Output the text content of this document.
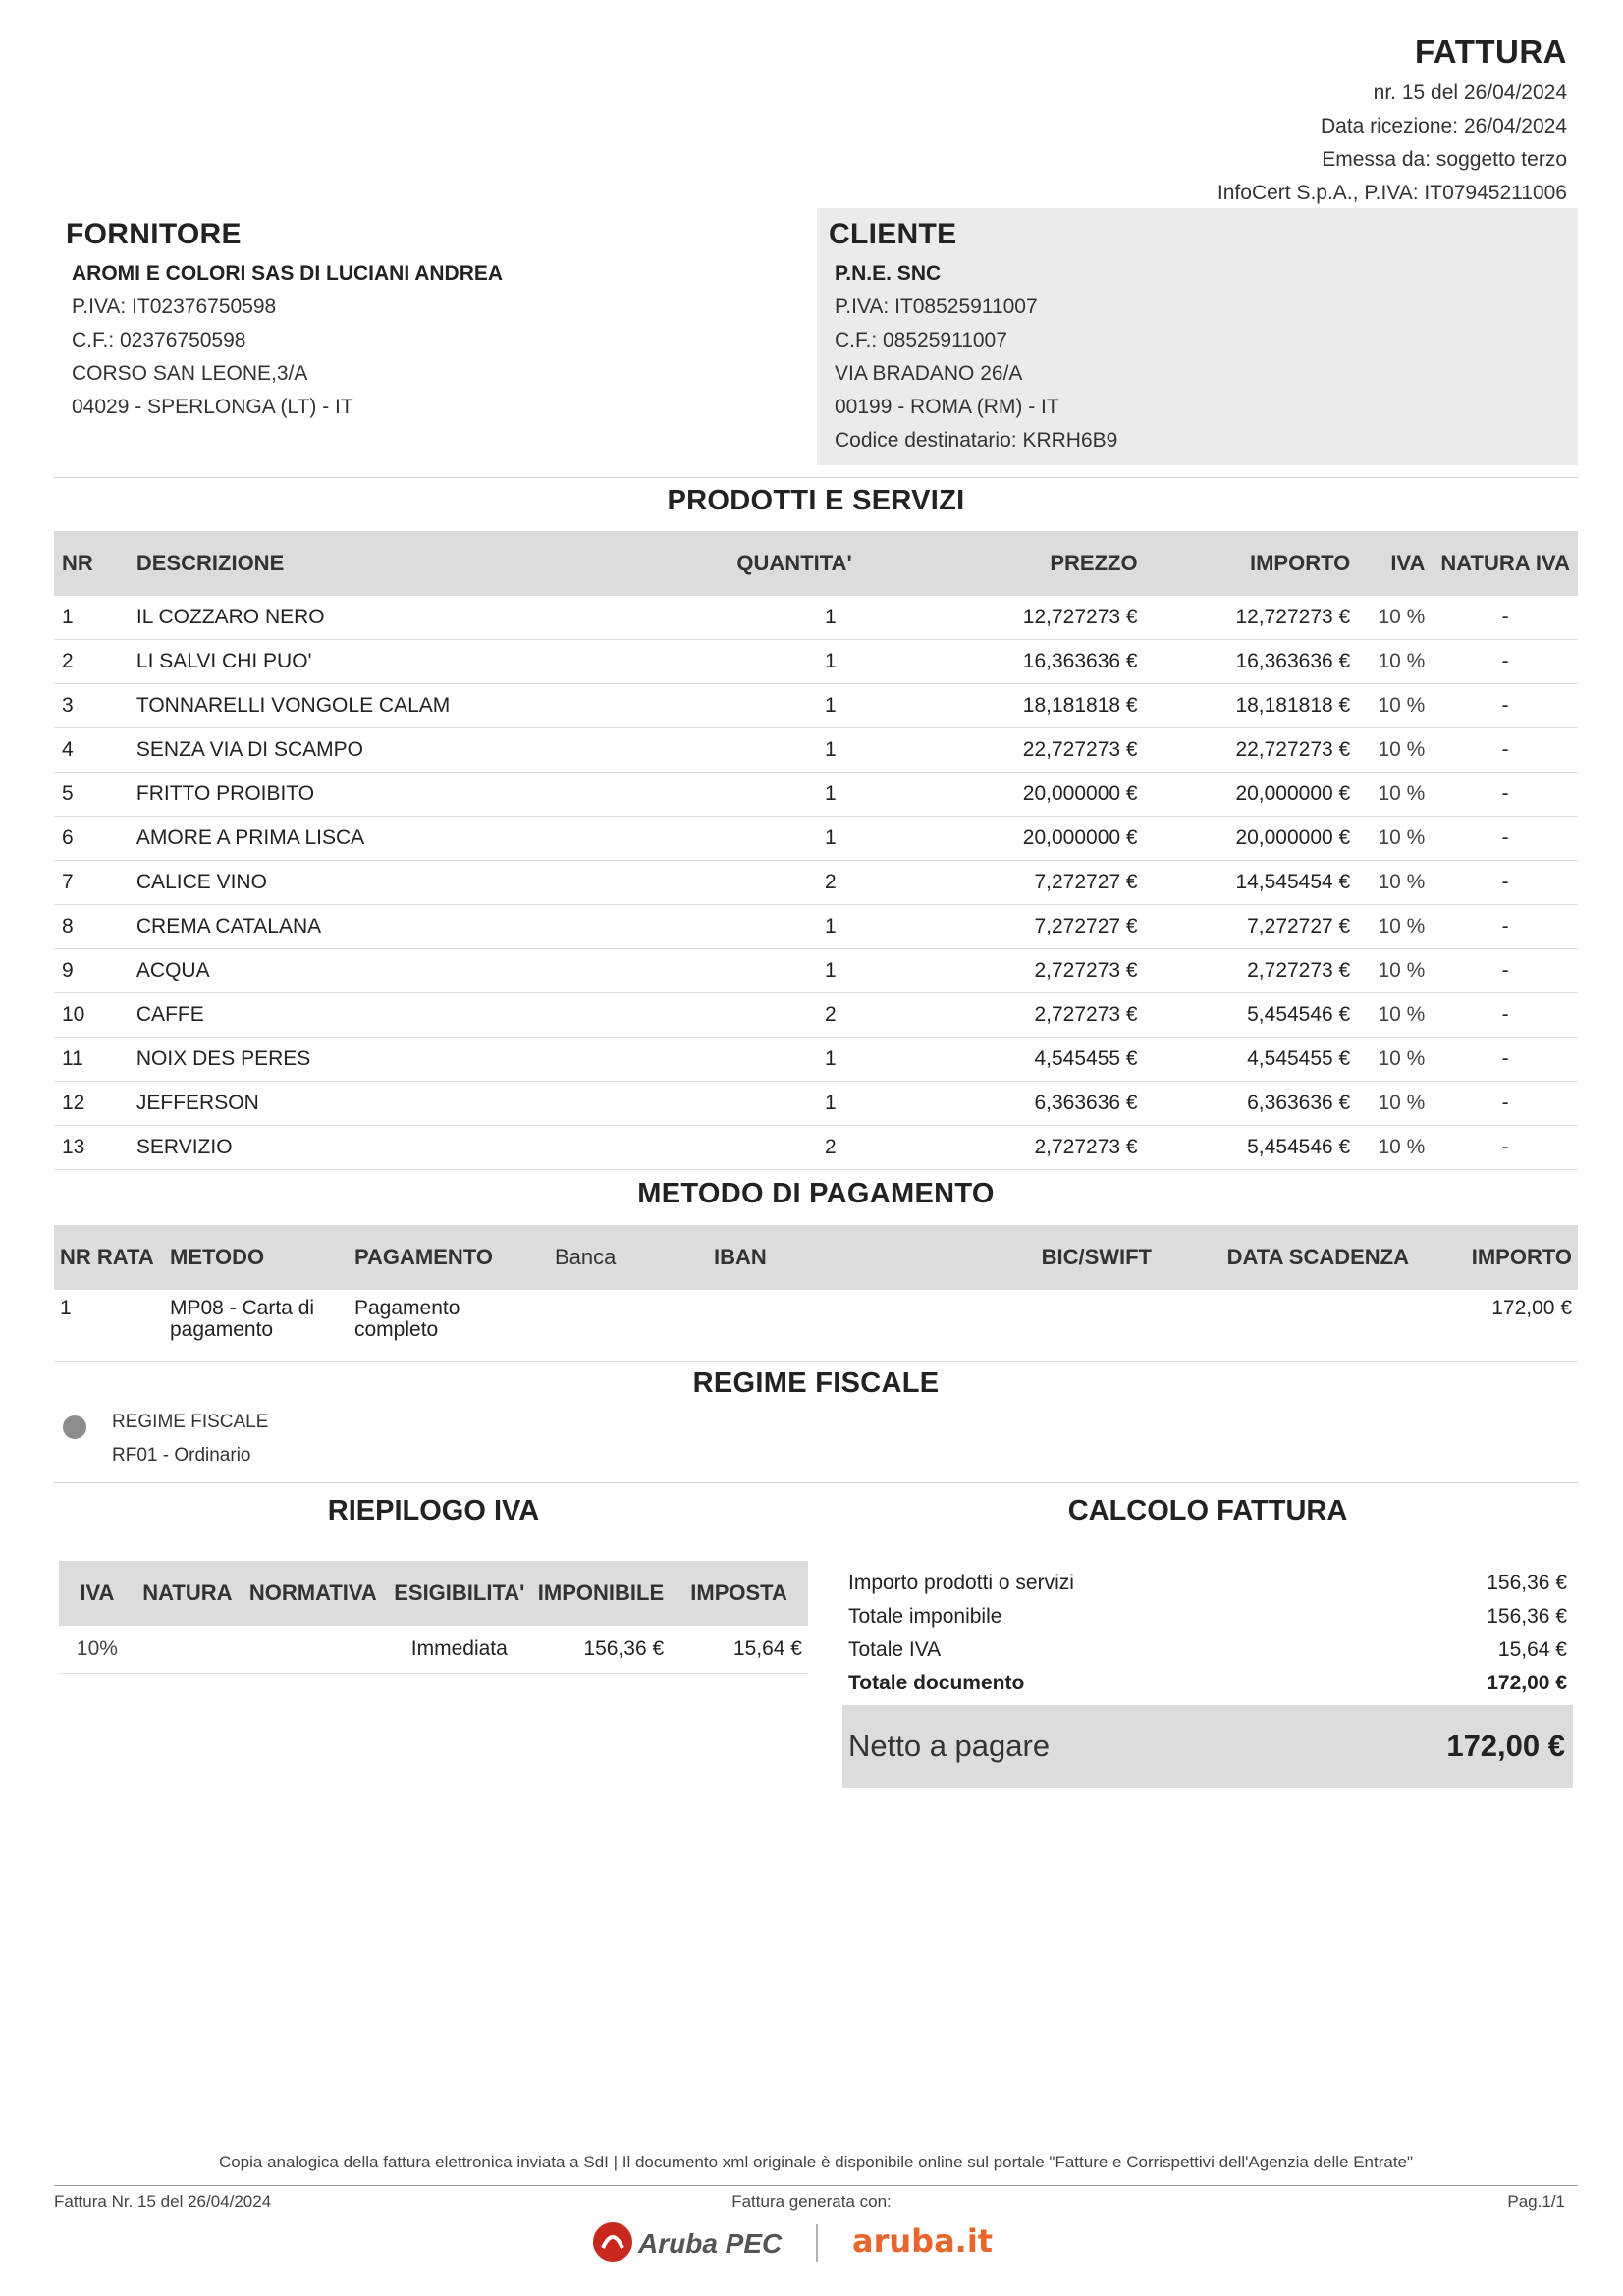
FATTURA
nr. 15 del 26/04/2024
Data ricezione: 26/04/2024
Emessa da: soggetto terzo
InfoCert S.p.A., P.IVA: IT07945211006
FORNITORE
AROMI E COLORI SAS DI LUCIANI ANDREA
P.IVA: IT02376750598
C.F.: 02376750598
CORSO SAN LEONE,3/A
04029 - SPERLONGA (LT) - IT
CLIENTE
P.N.E. SNC
P.IVA: IT08525911007
C.F.: 08525911007
VIA BRADANO 26/A
00199 - ROMA (RM) - IT
Codice destinatario: KRRH6B9
PRODOTTI E SERVIZI
NR	DESCRIZIONE	QUANTITA'	PREZZO	IMPORTO	IVA	NATURA IVA
1	IL COZZARO NERO	1	12,727273 €	12,727273 €	10 %	-
2	LI SALVI CHI PUO'	1	16,363636 €	16,363636 €	10 %	-
3	TONNARELLI VONGOLE CALAM	1	18,181818 €	18,181818 €	10 %	-
4	SENZA VIA DI SCAMPO	1	22,727273 €	22,727273 €	10 %	-
5	FRITTO PROIBITO	1	20,000000 €	20,000000 €	10 %	-
6	AMORE A PRIMA LISCA	1	20,000000 €	20,000000 €	10 %	-
7	CALICE VINO	2	7,272727 €	14,545454 €	10 %	-
8	CREMA CATALANA	1	7,272727 €	7,272727 €	10 %	-
9	ACQUA	1	2,727273 €	2,727273 €	10 %	-
10	CAFFE	2	2,727273 €	5,454546 €	10 %	-
11	NOIX DES PERES	1	4,545455 €	4,545455 €	10 %	-
12	JEFFERSON	1	6,363636 €	6,363636 €	10 %	-
13	SERVIZIO	2	2,727273 €	5,454546 €	10 %	-
METODO DI PAGAMENTO
NR RATA	METODO	PAGAMENTO	Banca	IBAN	BIC/SWIFT	DATA SCADENZA	IMPORTO
1	MP08 - Carta di pagamento	Pagamento completo					172,00 €
REGIME FISCALE
REGIME FISCALE
RF01 - Ordinario
RIEPILOGO IVA
IVA	NATURA	NORMATIVA	ESIGIBILITA'	IMPONIBILE	IMPOSTA
10%			Immediata	156,36 €	15,64 €
CALCOLO FATTURA
Importo prodotti o servizi	156,36 €
Totale imponibile	156,36 €
Totale IVA	15,64 €
Totale documento	172,00 €
Netto a pagare	172,00 €
Copia analogica della fattura elettronica inviata a SdI | Il documento xml originale è disponibile online sul portale "Fatture e Corrispettivi dell'Agenzia delle Entrate"
Fattura Nr. 15 del 26/04/2024	Fattura generata con:	Pag.1/1
Aruba PEC aruba.it
